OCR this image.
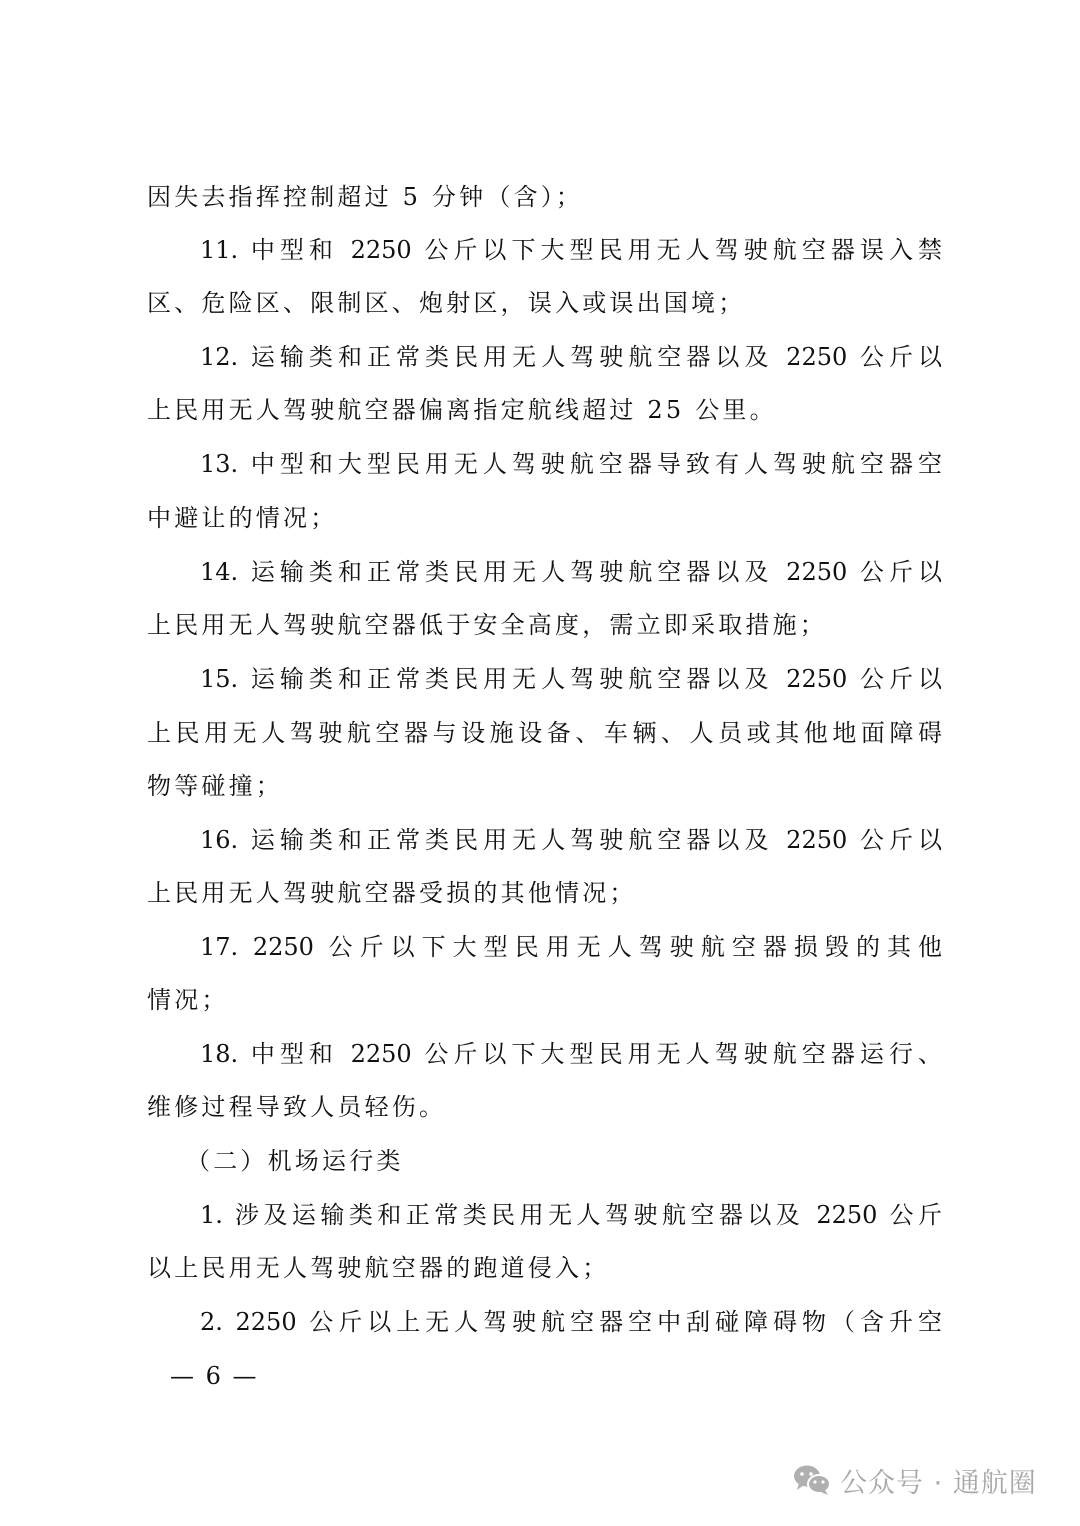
因失去指挥控制超过 5 分钟（含）；
11. 中型和 2250 公斤以下大型民用无人驾驶航空器误入禁
区、危险区、限制区、炮射区，误入或误出国境；
12. 运输类和正常类民用无人驾驶航空器以及 2250 公斤以
上民用无人驾驶航空器偏离指定航线超过 25 公里。
13. 中型和大型民用无人驾驶航空器导致有人驾驶航空器空
中避让的情况；
14. 运输类和正常类民用无人驾驶航空器以及 2250 公斤以
上民用无人驾驶航空器低于安全高度，需立即采取措施；
15. 运输类和正常类民用无人驾驶航空器以及 2250 公斤以
上民用无人驾驶航空器与设施设备、车辆、人员或其他地面障碍
物等碰撞；
16. 运输类和正常类民用无人驾驶航空器以及 2250 公斤以
上民用无人驾驶航空器受损的其他情况；
17. 2250 公斤以下大型民用无人驾驶航空器损毁的其他
情况；
18. 中型和 2250 公斤以下大型民用无人驾驶航空器运行、
维修过程导致人员轻伤。
（二）机场运行类
1. 涉及运输类和正常类民用无人驾驶航空器以及 2250 公斤
以上民用无人驾驶航空器的跑道侵入；
2. 2250 公斤以上无人驾驶航空器空中刮碰障碍物（含升空
— 6 —
公众号 · 通航圈
